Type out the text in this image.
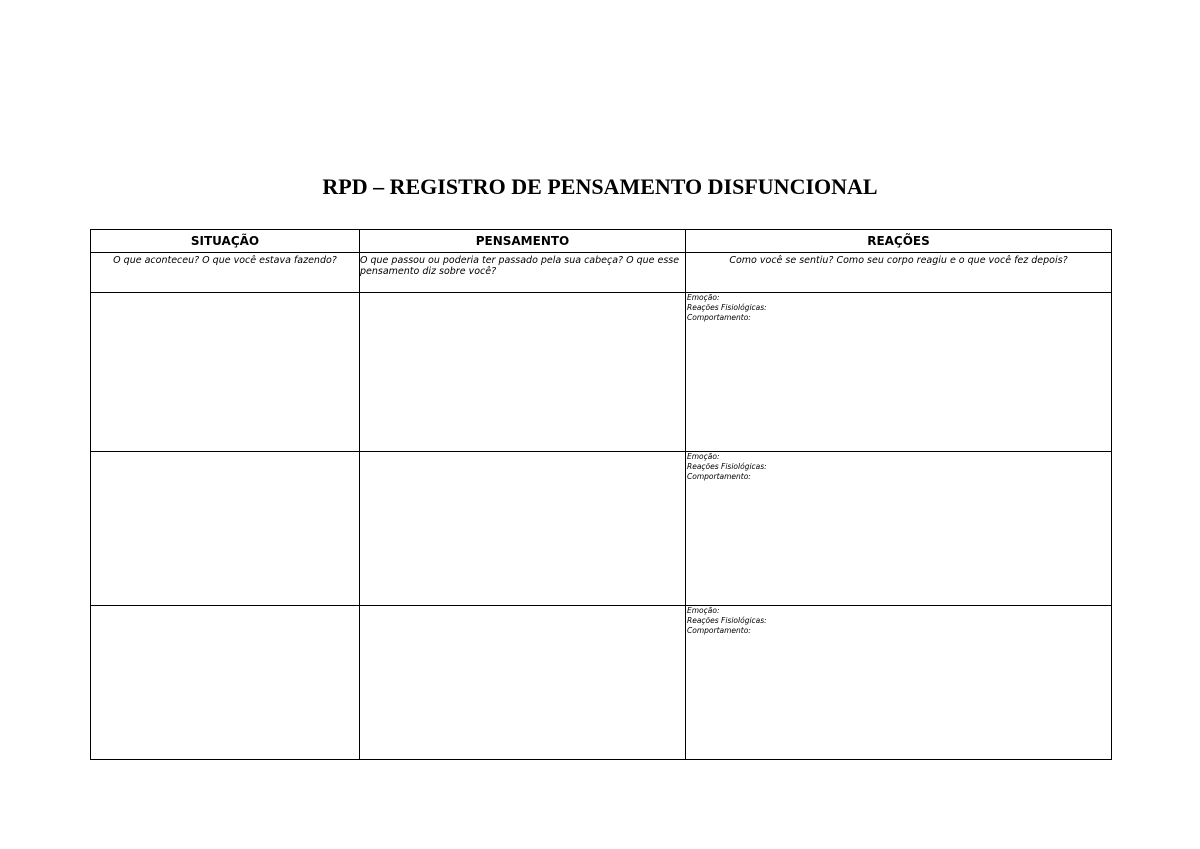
RPD – REGISTRO DE PENSAMENTO DISFUNCIONAL
SITUAÇÃO	PENSAMENTO	REAÇÕES
O que aconteceu? O que você estava fazendo?	O que passou ou poderia ter passado pela sua cabeça? O que esse pensamento diz sobre você?	Como você se sentiu? Como seu corpo reagiu e o que você fez depois?

		Emoção:
Reações Fisiológicas:
Comportamento:

		Emoção:
Reações Fisiológicas:
Comportamento:

		Emoção:
Reações Fisiológicas:
Comportamento:
